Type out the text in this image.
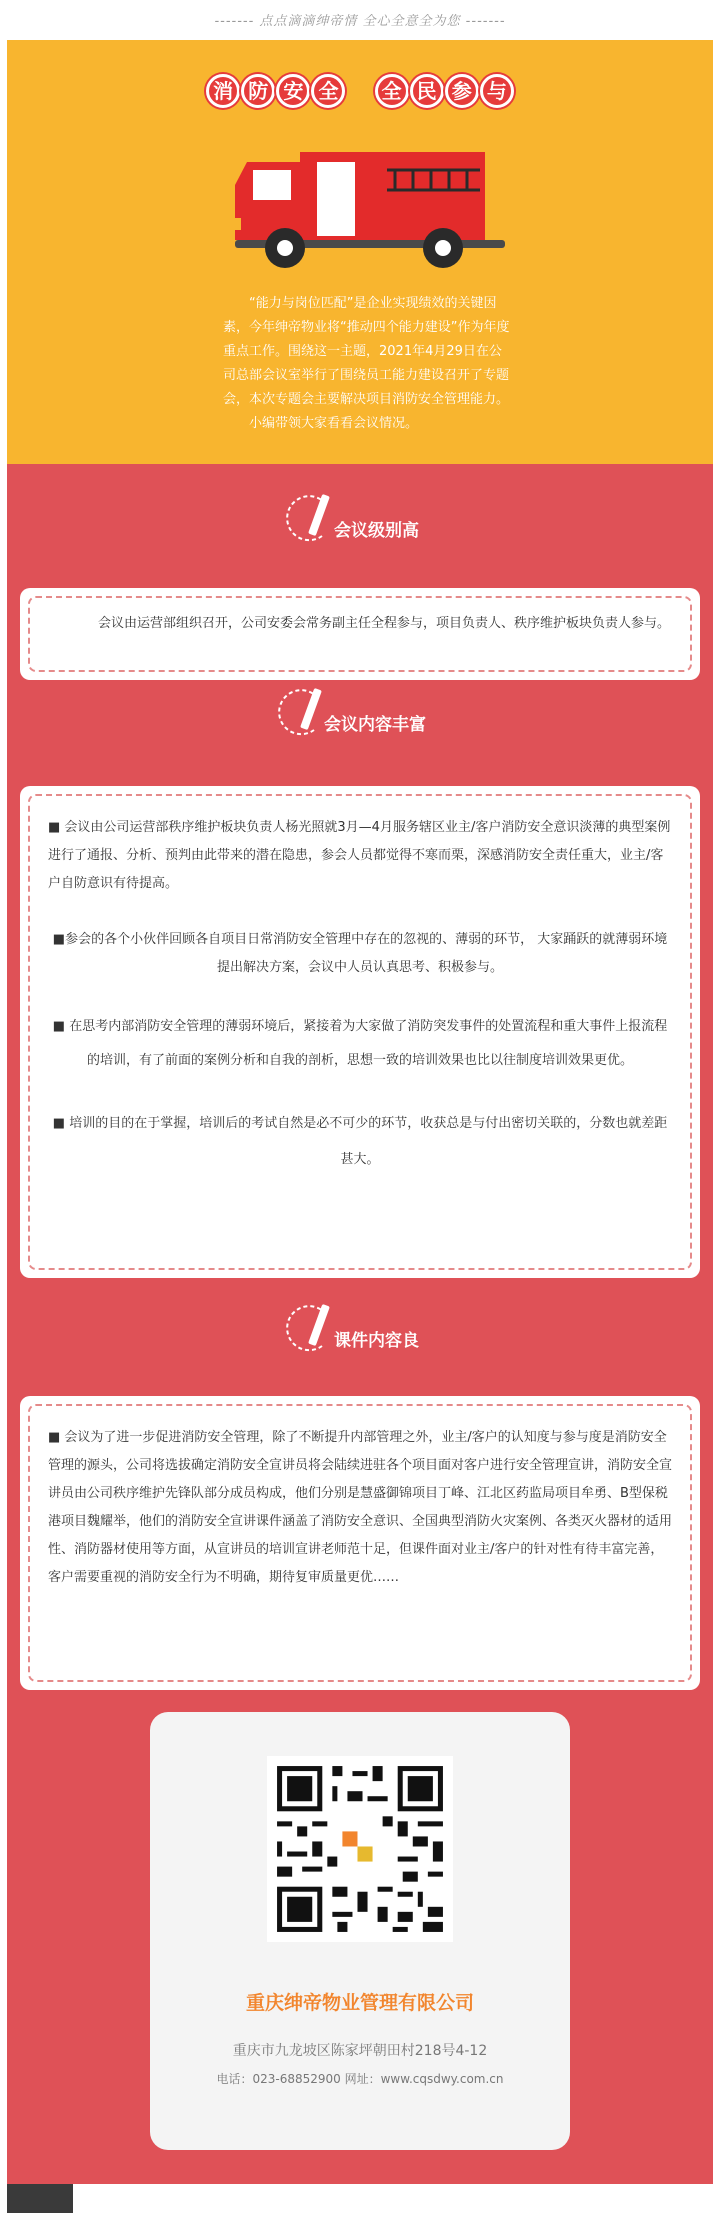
------- 点点滴滴绅帝情 全心全意全为您 -------
消 防 安 全 全 民 参 与

“能力与岗位匹配”是企业实现绩效的关键因素，今年绅帝物业将“推动四个能力建设”作为年度重点工作。围绕这一主题，2021年4月29日在公司总部会议室举行了围绕员工能力建设召开了专题会，本次专题会主要解决项目消防安全管理能力。

小编带领大家看看会议情况。

会议级别高

会议由运营部组织召开，公司安委会常务副主任全程参与，项目负责人、秩序维护板块负责人参与。

会议内容丰富

■ 会议由公司运营部秩序维护板块负责人杨光照就3月—4月服务辖区业主/客户消防安全意识淡薄的典型案例进行了通报、分析、预判由此带来的潜在隐患，参会人员都觉得不寒而栗，深感消防安全责任重大，业主/客户自防意识有待提高。

■参会的各个小伙伴回顾各自项目日常消防安全管理中存在的忽视的、薄弱的环节， 大家踊跃的就薄弱环境提出解决方案，会议中人员认真思考、积极参与。

■ 在思考内部消防安全管理的薄弱环境后，紧接着为大家做了消防突发事件的处置流程和重大事件上报流程的培训，有了前面的案例分析和自我的剖析，思想一致的培训效果也比以往制度培训效果更优。

■ 培训的目的在于掌握，培训后的考试自然是必不可少的环节，收获总是与付出密切关联的，分数也就差距甚大。

课件内容良

■ 会议为了进一步促进消防安全管理，除了不断提升内部管理之外，业主/客户的认知度与参与度是消防安全管理的源头，公司将选拔确定消防安全宣讲员将会陆续进驻各个项目面对客户进行安全管理宣讲，消防安全宣讲员由公司秩序维护先锋队部分成员构成，他们分别是慧盛御锦项目丁峰、江北区药监局项目牟勇、B型保税港项目魏耀举，他们的消防安全宣讲课件涵盖了消防安全意识、全国典型消防火灾案例、各类灭火器材的适用性、消防器材使用等方面，从宣讲员的培训宣讲老师范十足，但课件面对业主/客户的针对性有待丰富完善，客户需要重视的消防安全行为不明确，期待复审质量更优……

重庆绅帝物业管理有限公司
重庆市九龙坡区陈家坪朝田村218号4-12
电话：023-68852900 网址：www.cqsdwy.com.cn
